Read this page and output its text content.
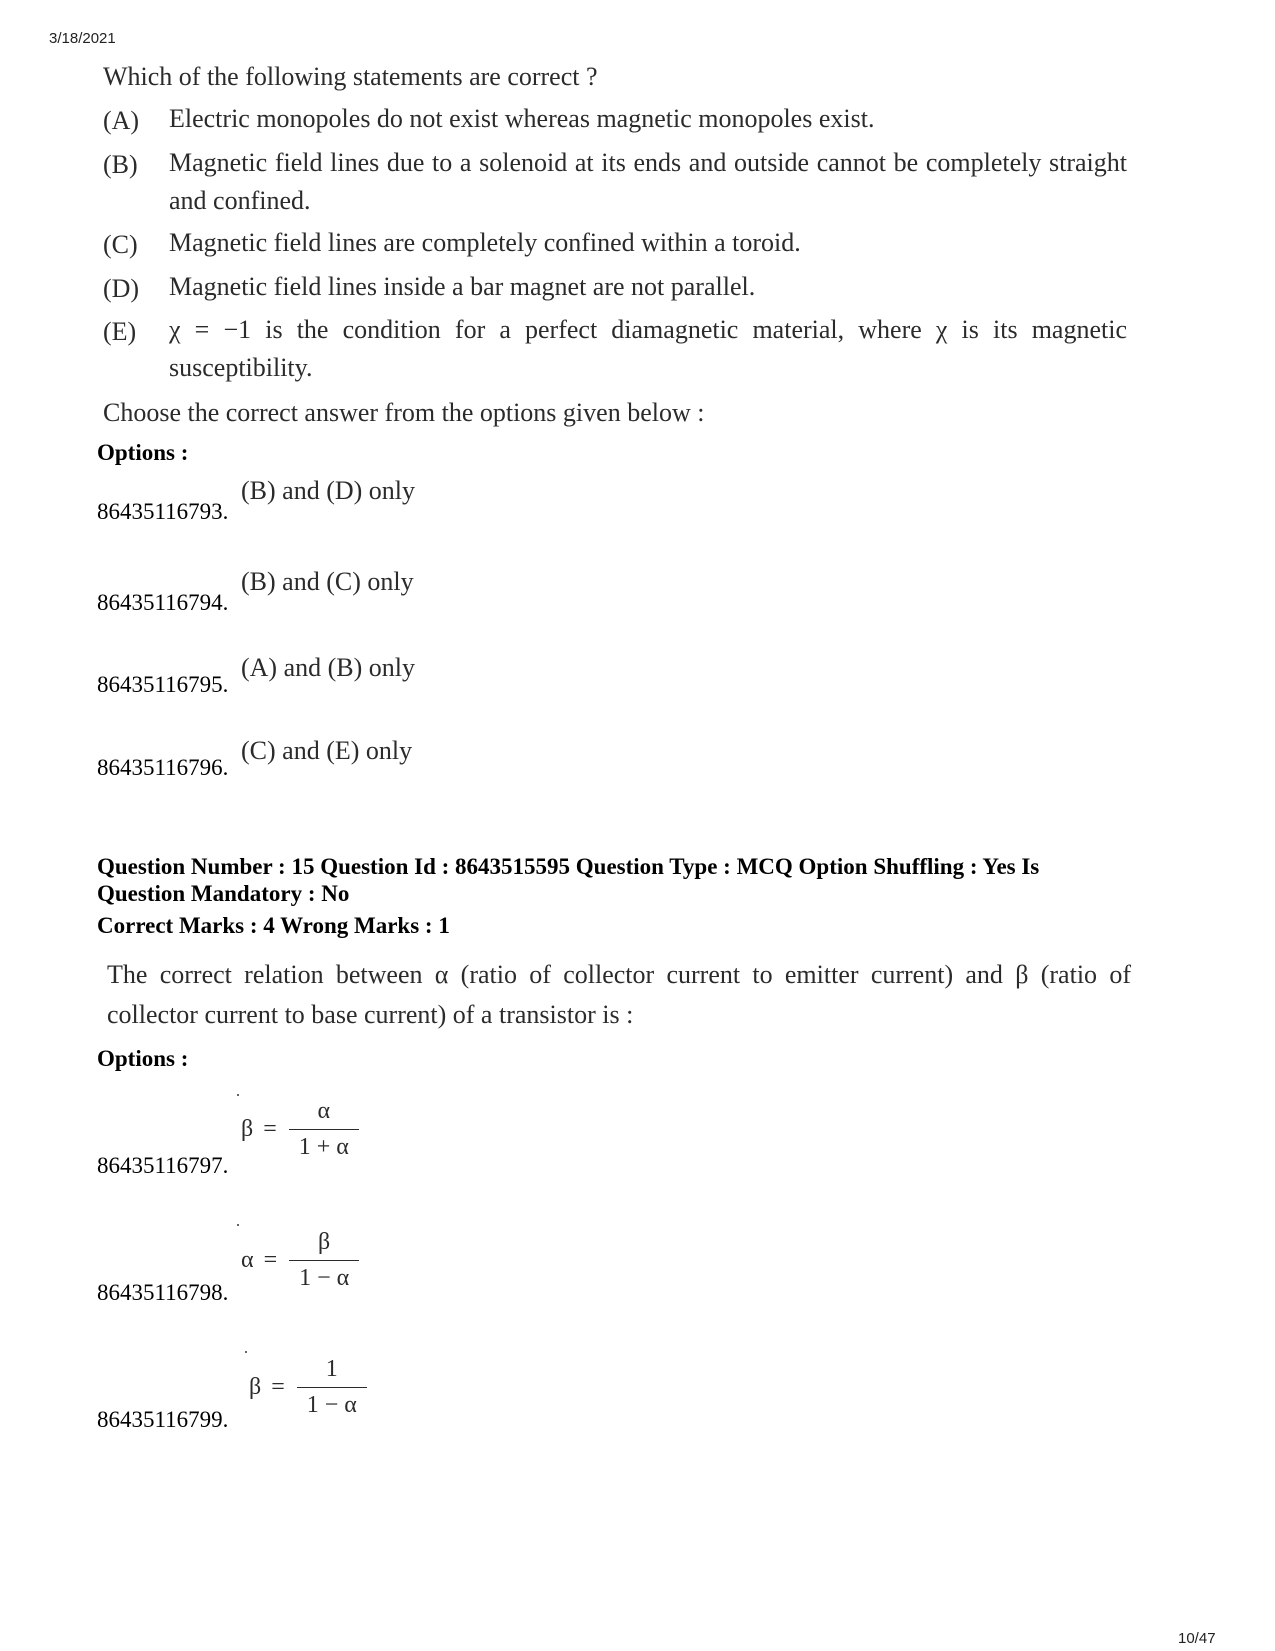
3/18/2021
Which of the following statements are correct ?
(A) Electric monopoles do not exist whereas magnetic monopoles exist.
(B) Magnetic field lines due to a solenoid at its ends and outside cannot be completely straight and confined.
(C) Magnetic field lines are completely confined within a toroid.
(D) Magnetic field lines inside a bar magnet are not parallel.
(E) χ = −1 is the condition for a perfect diamagnetic material, where χ is its magnetic susceptibility.
Choose the correct answer from the options given below :
Options :
(B) and (D) only
86435116793.
(B) and (C) only
86435116794.
(A) and (B) only
86435116795.
(C) and (E) only
86435116796.
Question Number : 15 Question Id : 8643515595 Question Type : MCQ Option Shuffling : Yes Is
Question Mandatory : No
Correct Marks : 4 Wrong Marks : 1
The correct relation between α (ratio of collector current to emitter current) and β (ratio of collector current to base current) of a transistor is :
Options :
$\beta = \frac{\alpha}{1 + \alpha}$
86435116797.
$\alpha = \frac{\beta}{1 - \alpha}$
86435116798.
$\beta = \frac{1}{1 - \alpha}$
86435116799.
10/47
